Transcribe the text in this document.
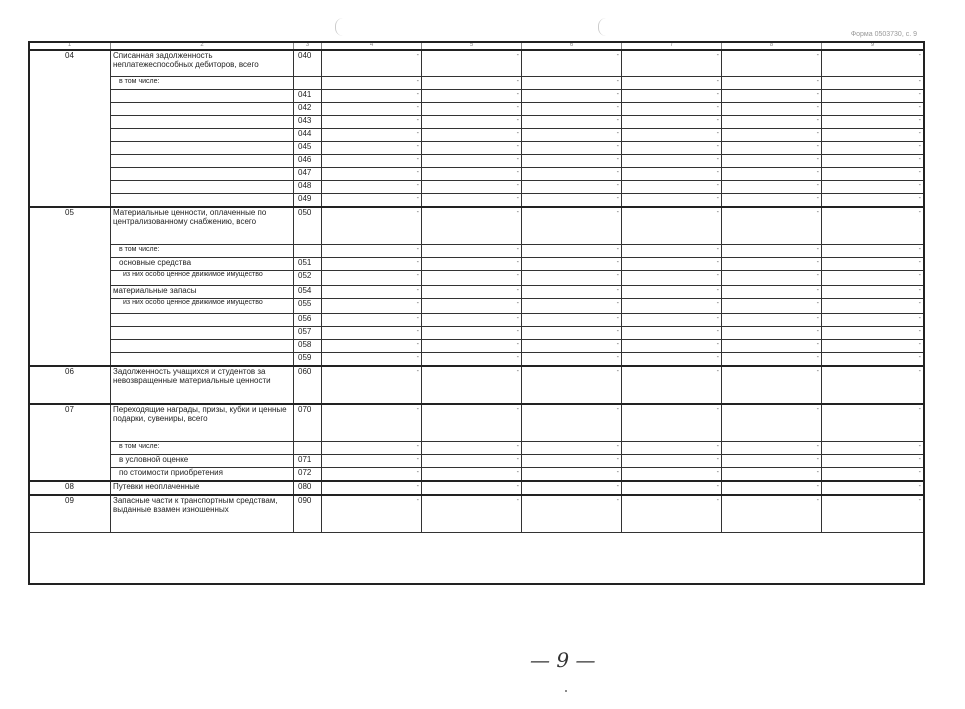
Форма 0503730, с. 9
1	2	3	4	5	6	7	8	9
04	Списанная задолженность неплатежеспособных дебиторов, всего	040	-	-	-	-	-	-
	в том числе:		-	-	-	-	-	-
		041	-	-	-	-	-	-
		042	-	-	-	-	-	-
		043	-	-	-	-	-	-
		044	-	-	-	-	-	-
		045	-	-	-	-	-	-
		046	-	-	-	-	-	-
		047	-	-	-	-	-	-
		048	-	-	-	-	-	-
		049	-	-	-	-	-	-
05	Материальные ценности, оплаченные по централизованному снабжению, всего	050	-	-	-	-	-	-
	в том числе:		-	-	-	-	-	-
	основные средства	051	-	-	-	-	-	-
	из них особо ценное движимое имущество	052	-	-	-	-	-	-
	материальные запасы	054	-	-	-	-	-	-
	из них особо ценное движимое имущество	055	-	-	-	-	-	-
		056	-	-	-	-	-	-
		057	-	-	-	-	-	-
		058	-	-	-	-	-	-
		059	-	-	-	-	-	-
06	Задолженность учащихся и студентов за невозвращенные материальные ценности	060	-	-	-	-	-	-
07	Переходящие награды, призы, кубки и ценные подарки, сувениры, всего	070	-	-	-	-	-	-
	в том числе:		-	-	-	-	-	-
	в условной оценке	071	-	-	-	-	-	-
	по стоимости приобретения	072	-	-	-	-	-	-
08	Путевки неоплаченные	080	-	-	-	-	-	-
09	Запасные части к транспортным средствам, выданные взамен изношенных	090	-	-	-	-	-	-
— 9 —
